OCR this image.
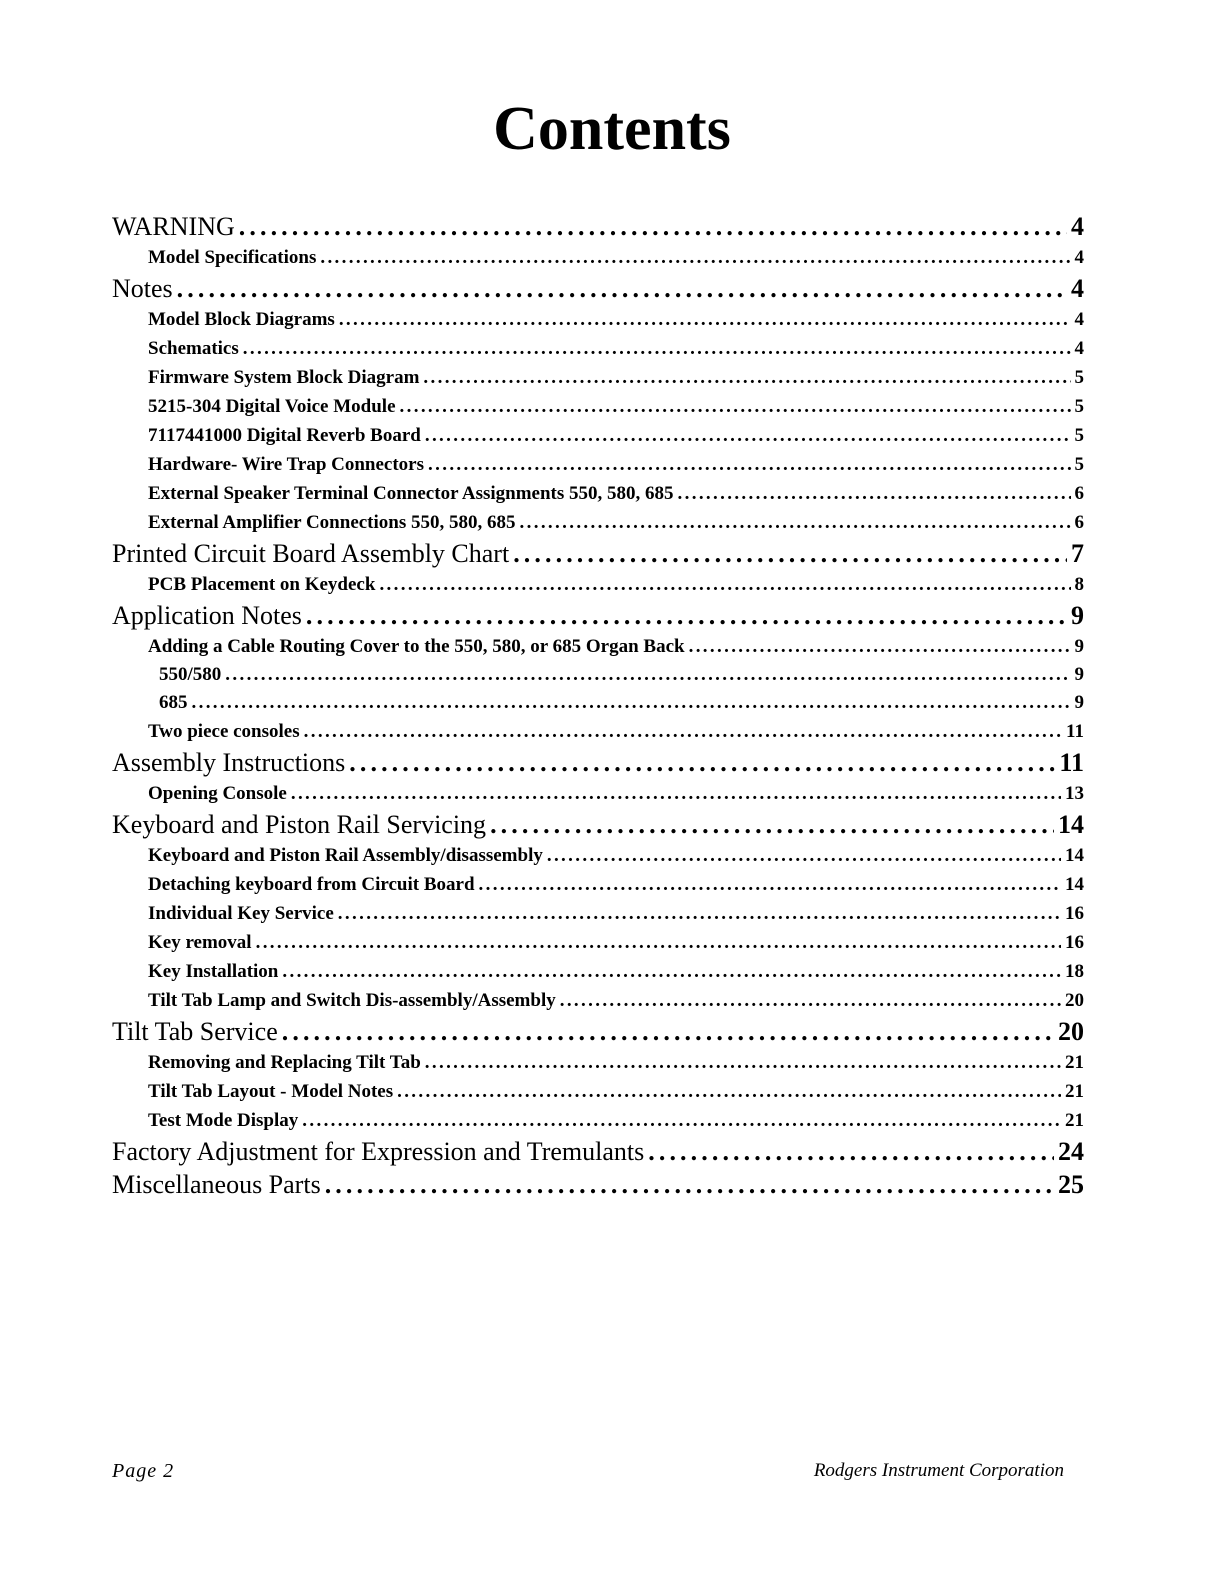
Contents
WARNING . . .	4
Model Specifications . . .	4
Notes . . .	4
Model Block Diagrams . . .	4
Schematics . . .	4
Firmware System Block Diagram . . .	5
5215-304 Digital Voice Module . . .	5
7117441000 Digital Reverb Board . . .	5
Hardware- Wire Trap Connectors . . .	5
External Speaker Terminal Connector Assignments 550, 580, 685 . . .	6
External Amplifier Connections 550, 580, 685 . . .	6
Printed Circuit Board Assembly Chart . . .	7
PCB Placement on Keydeck . . .	8
Application Notes . . .	9
Adding a Cable Routing Cover to the 550, 580, or 685 Organ Back . . .	9
550/580 . . .	9
685 . . .	9
Two piece consoles . . .	11
Assembly Instructions . . .	11
Opening Console . . .	13
Keyboard and Piston Rail Servicing . . .	14
Keyboard and Piston Rail Assembly/disassembly . . .	14
Detaching keyboard from Circuit Board . . .	14
Individual Key Service . . .	16
Key removal . . .	16
Key Installation . . .	18
Tilt Tab Lamp and Switch Dis-assembly/Assembly . . .	20
Tilt Tab Service . . .	20
Removing and Replacing Tilt Tab . . .	21
Tilt Tab Layout - Model Notes . . .	21
Test Mode Display . . .	21
Factory Adjustment for Expression and Tremulants . . .	24
Miscellaneous Parts . . .	25
Page 2	Rodgers Instrument Corporation
